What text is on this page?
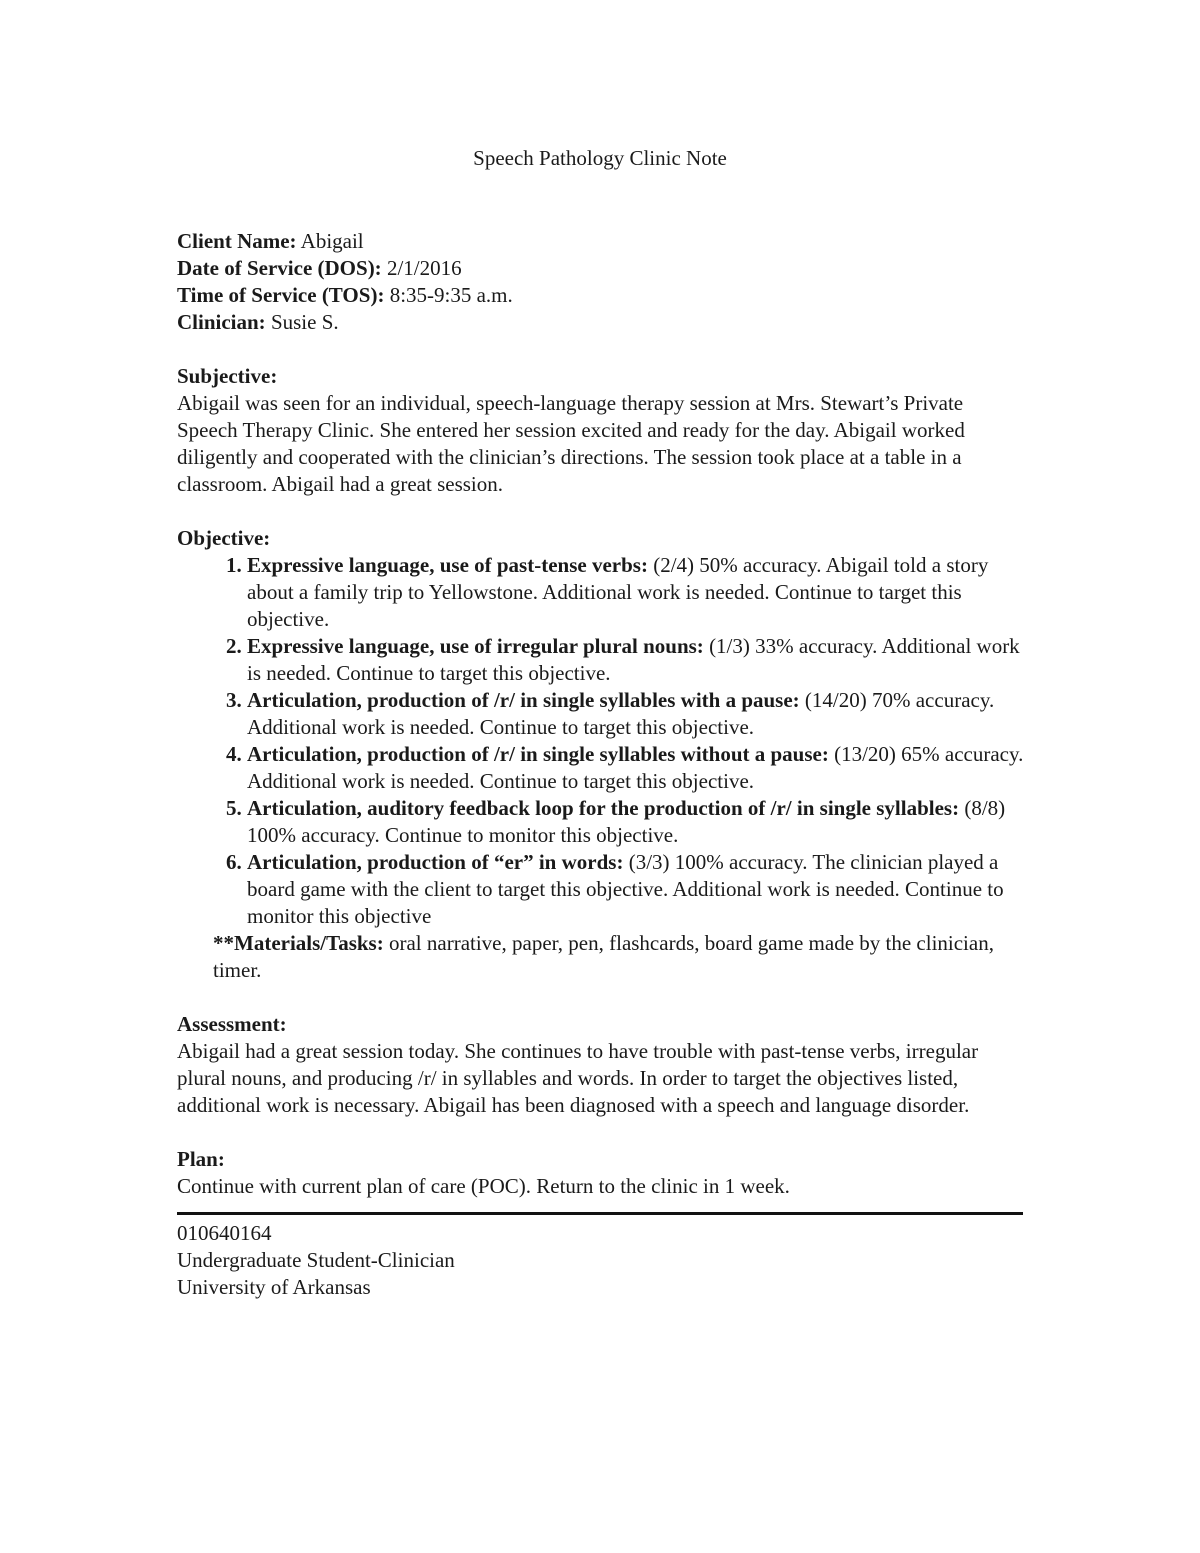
Speech Pathology Clinic Note

Client Name: Abigail

Date of Service (DOS): 2/1/2016

Time of Service (TOS): 8:35-9:35 a.m.

Clinician: Susie S.

Subjective:

Abigail was seen for an individual, speech-language therapy session at Mrs. Stewart’s Private Speech Therapy Clinic. She entered her session excited and ready for the day. Abigail worked diligently and cooperated with the clinician’s directions. The session took place at a table in a classroom. Abigail had a great session.

Objective:

1. Expressive language, use of past-tense verbs: (2/4) 50% accuracy. Abigail told a story about a family trip to Yellowstone. Additional work is needed. Continue to target this objective.
2. Expressive language, use of irregular plural nouns: (1/3) 33% accuracy. Additional work is needed. Continue to target this objective.
3. Articulation, production of /r/ in single syllables with a pause: (14/20) 70% accuracy. Additional work is needed. Continue to target this objective.
4. Articulation, production of /r/ in single syllables without a pause: (13/20) 65% accuracy. Additional work is needed. Continue to target this objective.
5. Articulation, auditory feedback loop for the production of /r/ in single syllables: (8/8) 100% accuracy. Continue to monitor this objective.
6. Articulation, production of “er” in words: (3/3) 100% accuracy. The clinician played a board game with the client to target this objective. Additional work is needed. Continue to monitor this objective

**Materials/Tasks: oral narrative, paper, pen, flashcards, board game made by the clinician, timer.

Assessment:

Abigail had a great session today. She continues to have trouble with past-tense verbs, irregular plural nouns, and producing /r/ in syllables and words. In order to target the objectives listed, additional work is necessary. Abigail has been diagnosed with a speech and language disorder.

Plan:

Continue with current plan of care (POC). Return to the clinic in 1 week.

010640164

Undergraduate Student-Clinician

University of Arkansas
